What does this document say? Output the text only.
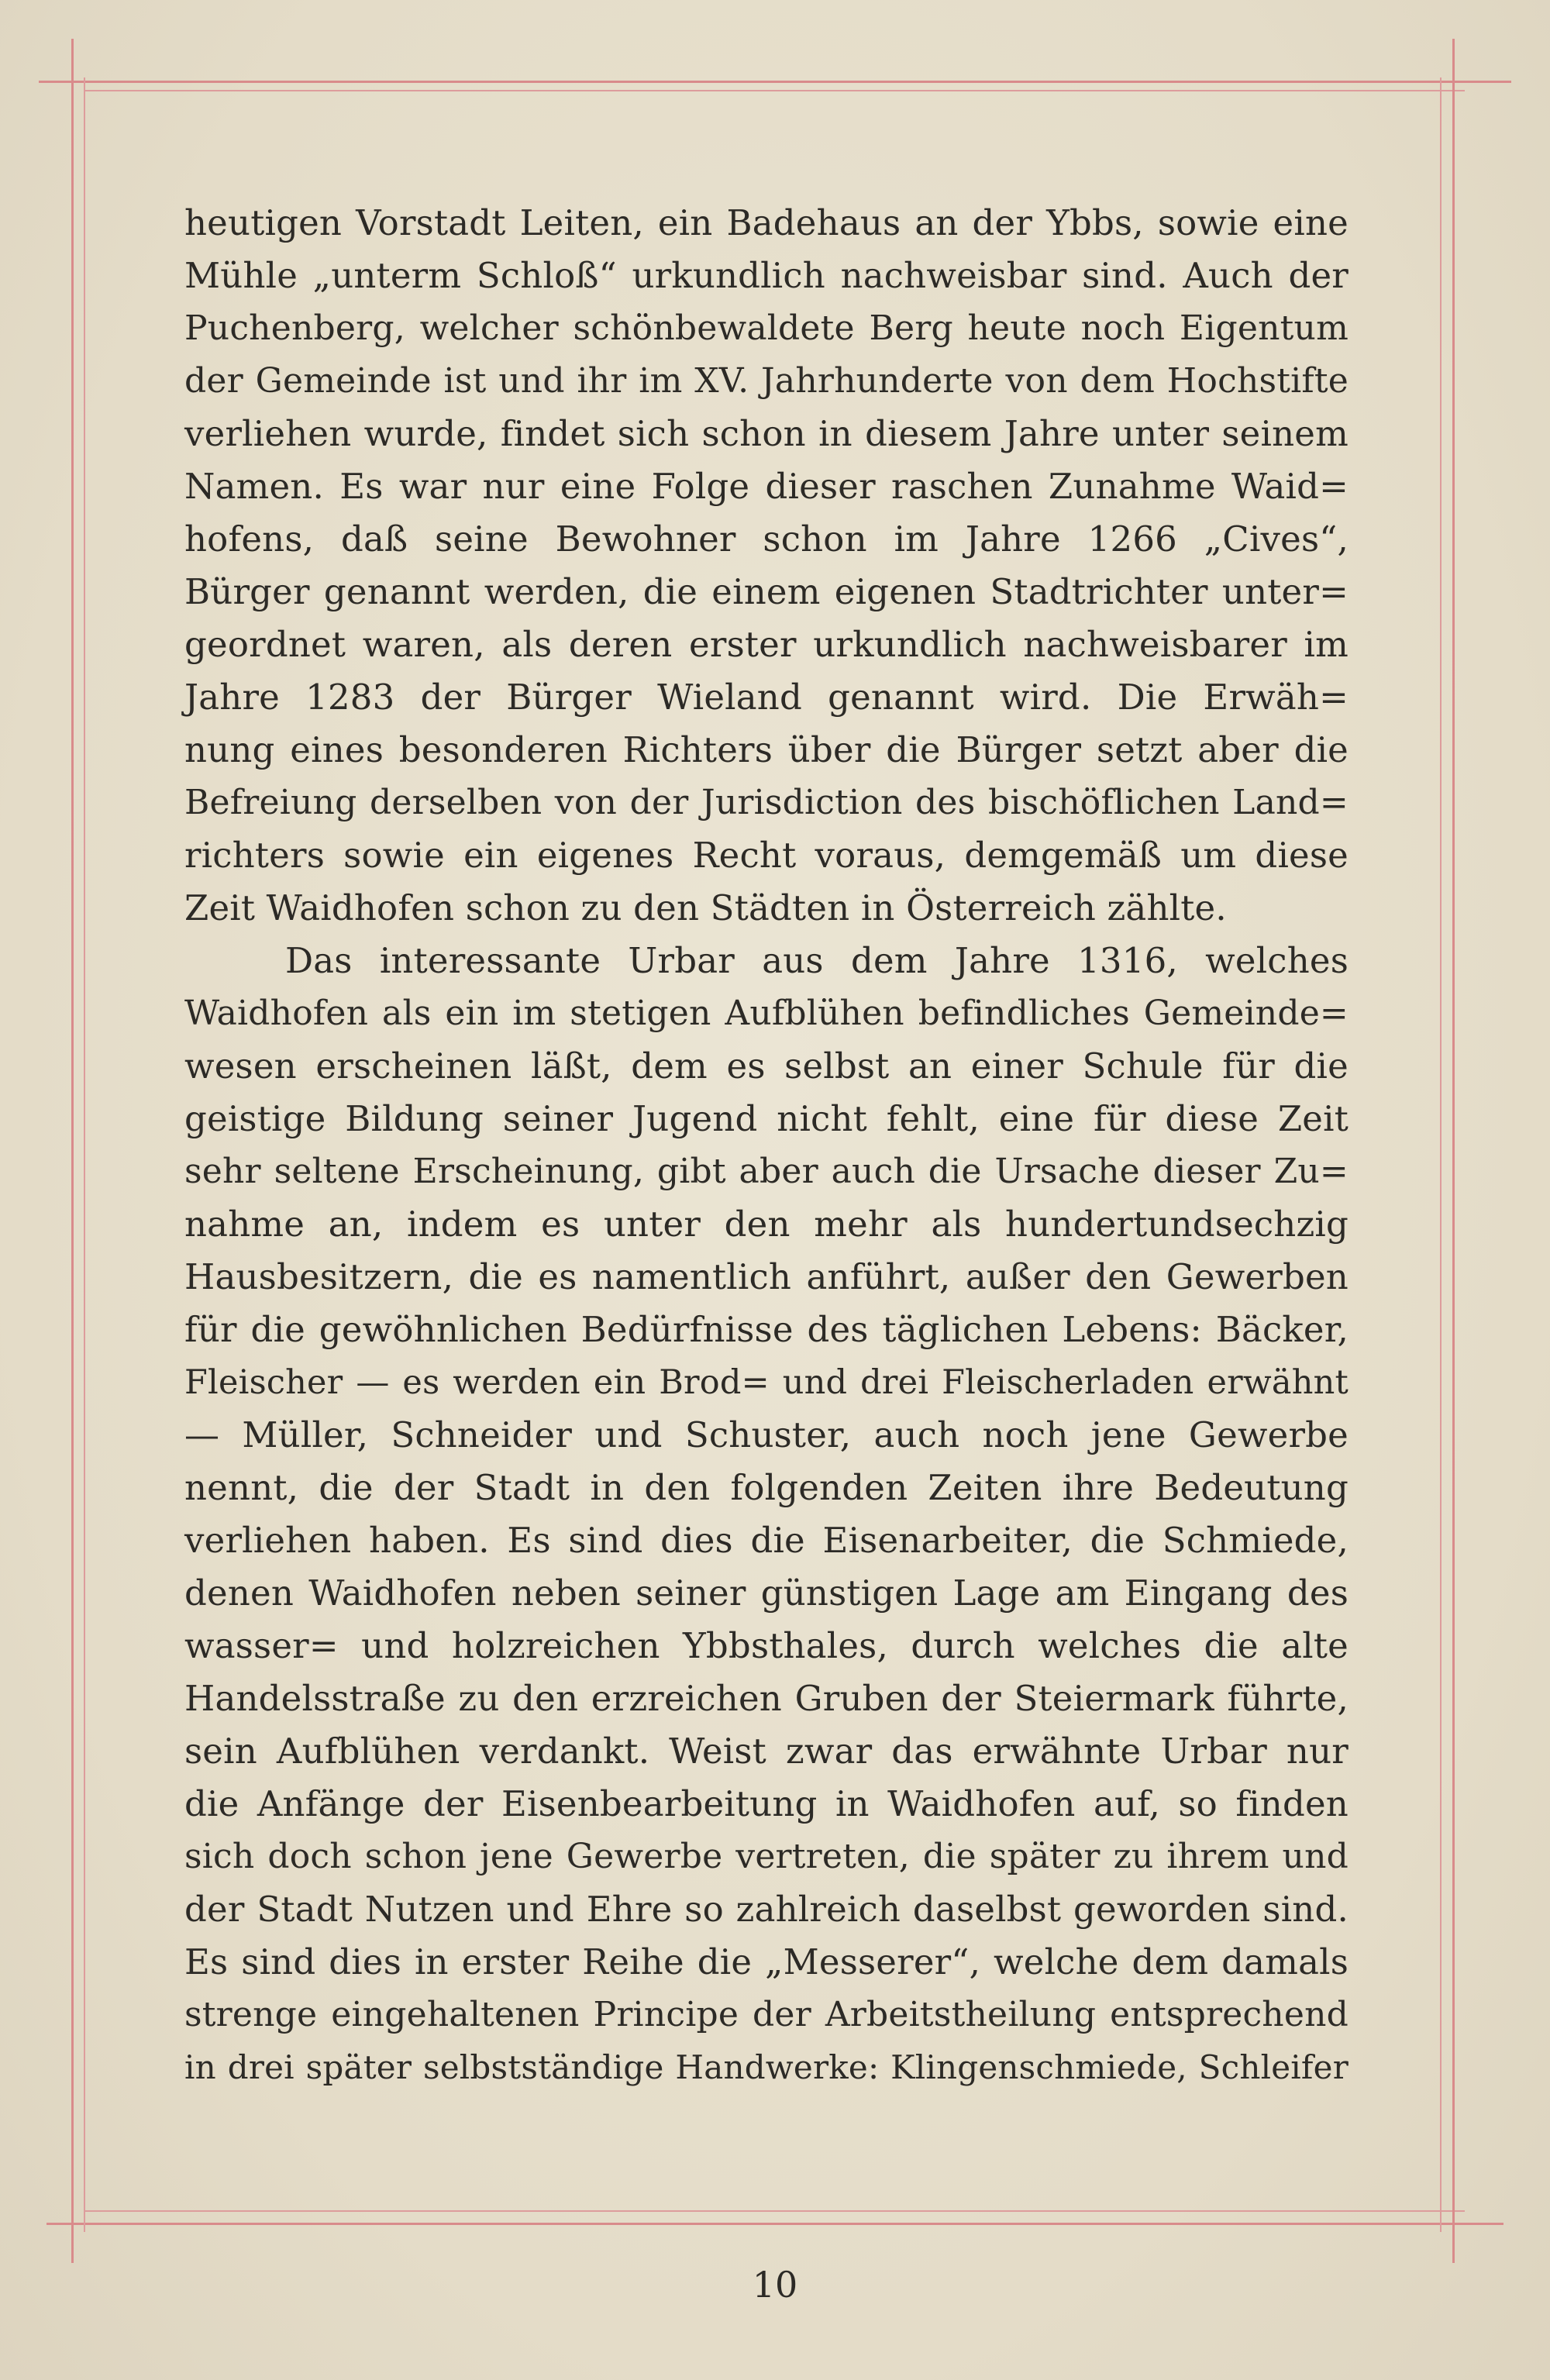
heutigen Vorstadt Leiten, ein Badehaus an der Ybbs, sowie eine
Mühle „unterm Schloß“ urkundlich nachweisbar sind. Auch der
Puchenberg, welcher schönbewaldete Berg heute noch Eigentum
der Gemeinde ist und ihr im XV. Jahrhunderte von dem Hochstifte
verliehen wurde, findet sich schon in diesem Jahre unter seinem
Namen. Es war nur eine Folge dieser raschen Zunahme Waid=
hofens, daß seine Bewohner schon im Jahre 1266 „Cives“,
Bürger genannt werden, die einem eigenen Stadtrichter unter=
geordnet waren, als deren erster urkundlich nachweisbarer im
Jahre 1283 der Bürger Wieland genannt wird. Die Erwäh=
nung eines besonderen Richters über die Bürger setzt aber die
Befreiung derselben von der Jurisdiction des bischöflichen Land=
richters sowie ein eigenes Recht voraus, demgemäß um diese
Zeit Waidhofen schon zu den Städten in Österreich zählte.
Das interessante Urbar aus dem Jahre 1316, welches
Waidhofen als ein im stetigen Aufblühen befindliches Gemeinde=
wesen erscheinen läßt, dem es selbst an einer Schule für die
geistige Bildung seiner Jugend nicht fehlt, eine für diese Zeit
sehr seltene Erscheinung, gibt aber auch die Ursache dieser Zu=
nahme an, indem es unter den mehr als hundertundsechzig
Hausbesitzern, die es namentlich anführt, außer den Gewerben
für die gewöhnlichen Bedürfnisse des täglichen Lebens: Bäcker,
Fleischer — es werden ein Brod= und drei Fleischerladen erwähnt
— Müller, Schneider und Schuster, auch noch jene Gewerbe
nennt, die der Stadt in den folgenden Zeiten ihre Bedeutung
verliehen haben. Es sind dies die Eisenarbeiter, die Schmiede,
denen Waidhofen neben seiner günstigen Lage am Eingang des
wasser= und holzreichen Ybbsthales, durch welches die alte
Handelsstraße zu den erzreichen Gruben der Steiermark führte,
sein Aufblühen verdankt. Weist zwar das erwähnte Urbar nur
die Anfänge der Eisenbearbeitung in Waidhofen auf, so finden
sich doch schon jene Gewerbe vertreten, die später zu ihrem und
der Stadt Nutzen und Ehre so zahlreich daselbst geworden sind.
Es sind dies in erster Reihe die „Messerer“, welche dem damals
strenge eingehaltenen Principe der Arbeitstheilung entsprechend
in drei später selbstständige Handwerke: Klingenschmiede, Schleifer
10
